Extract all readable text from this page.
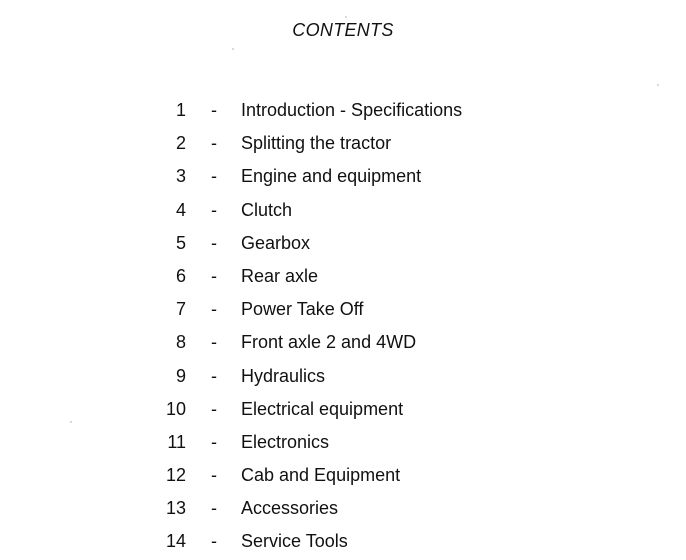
CONTENTS
1 - Introduction - Specifications
2 - Splitting the tractor
3 - Engine and equipment
4 - Clutch
5 - Gearbox
6 - Rear axle
7 - Power Take Off
8 - Front axle 2 and 4WD
9 - Hydraulics
10 - Electrical equipment
11 - Electronics
12 - Cab and Equipment
13 - Accessories
14 - Service Tools
